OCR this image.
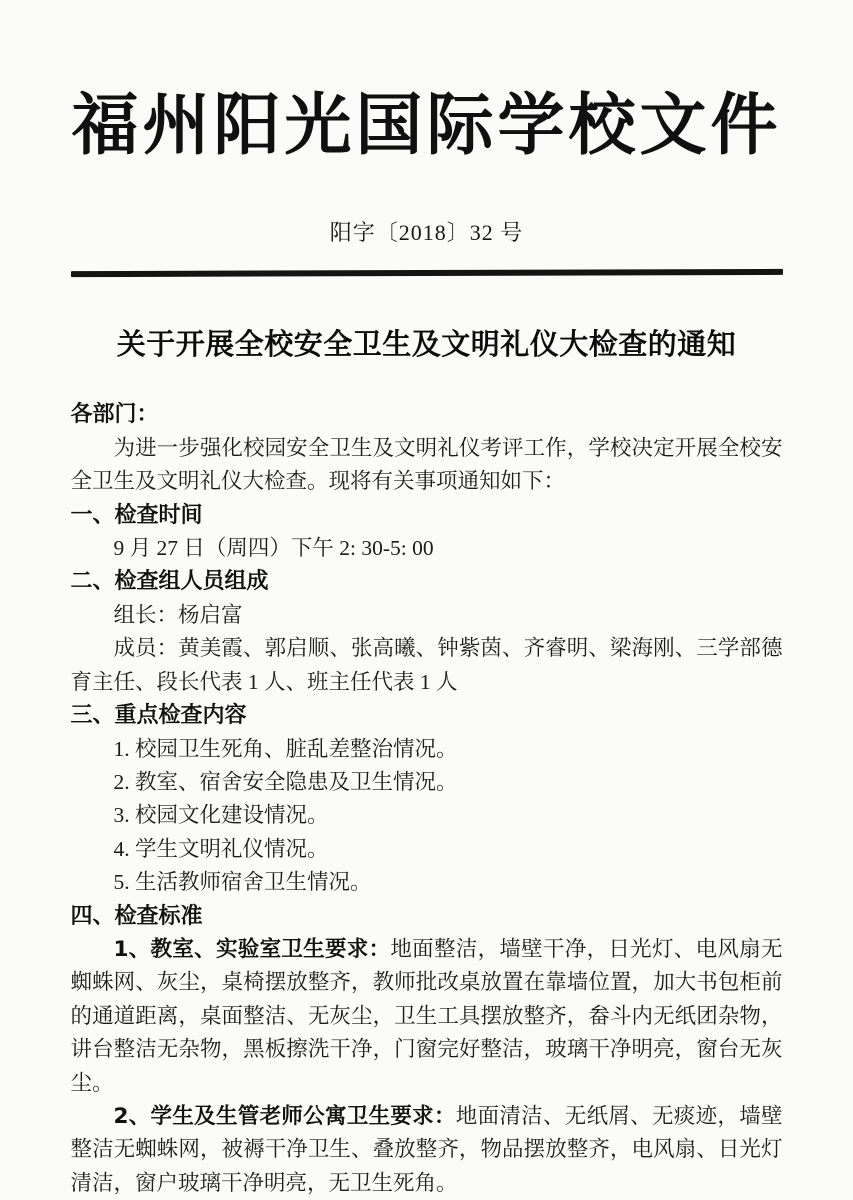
福州阳光国际学校文件
阳字〔2018〕32 号
关于开展全校安全卫生及文明礼仪大检查的通知

各部门：

为进一步强化校园安全卫生及文明礼仪考评工作，学校决定开展全校安全卫生及文明礼仪大检查。现将有关事项通知如下：

一、检查时间

9 月 27 日（周四）下午 2: 30-5: 00

二、检查组人员组成

组长：杨启富

成员：黄美霞、郭启顺、张高曦、钟紫茵、齐睿明、梁海刚、三学部德育主任、段长代表 1 人、班主任代表 1 人

三、重点检查内容

1. 校园卫生死角、脏乱差整治情况。

2. 教室、宿舍安全隐患及卫生情况。

3. 校园文化建设情况。

4. 学生文明礼仪情况。

5. 生活教师宿舍卫生情况。

四、检查标准

1、教室、实验室卫生要求：地面整洁，墙壁干净，日光灯、电风扇无蜘蛛网、灰尘，桌椅摆放整齐，教师批改桌放置在靠墙位置，加大书包柜前的通道距离，桌面整洁、无灰尘，卫生工具摆放整齐，畚斗内无纸团杂物，讲台整洁无杂物，黑板擦洗干净，门窗完好整洁，玻璃干净明亮，窗台无灰尘。

2、学生及生管老师公寓卫生要求：地面清洁、无纸屑、无痰迹，墙壁整洁无蜘蛛网，被褥干净卫生、叠放整齐，物品摆放整齐，电风扇、日光灯清洁，窗户玻璃干净明亮，无卫生死角。
